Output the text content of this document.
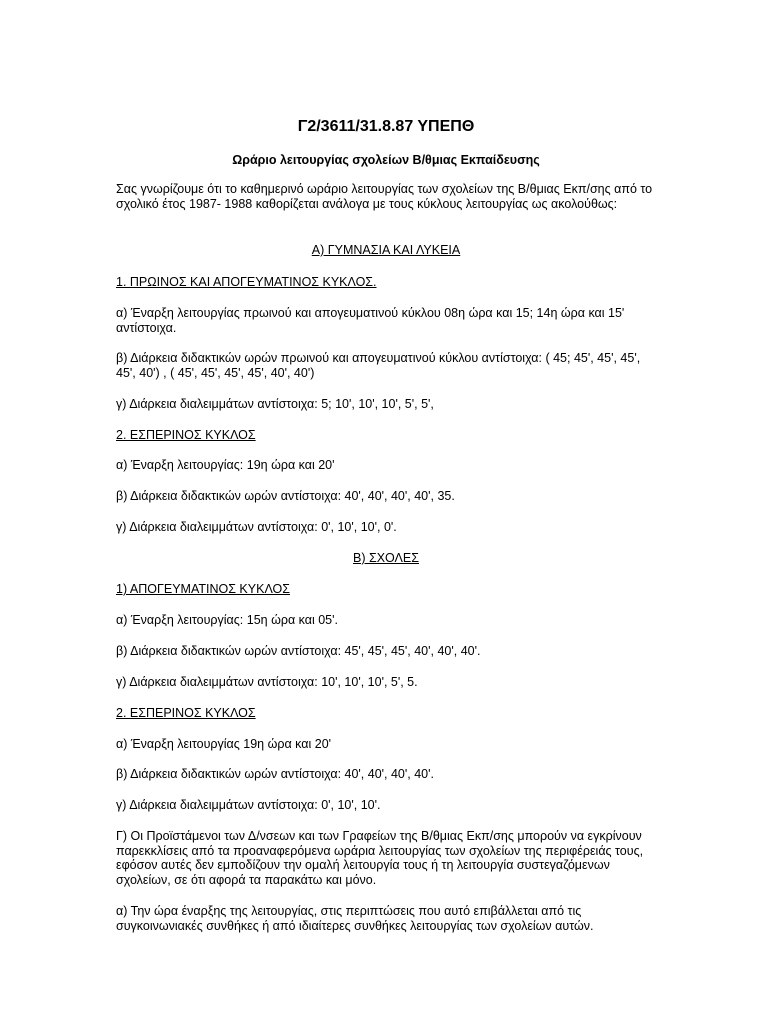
Γ2/3611/31.8.87 ΥΠΕΠΘ
Ωράριο λειτουργίας σχολείων Β/θμιας Εκπαίδευσης

Σας γνωρίζουμε ότι το καθημερινό ωράριο λειτουργίας των σχολείων της Β/θμιας Εκπ/σης από το σχολικό έτος 1987- 1988 καθορίζεται ανάλογα με τους κύκλους λειτουργίας ως ακολούθως:

Α) ΓΥΜΝΑΣΙΑ ΚΑΙ ΛΥΚΕΙΑ

1. ΠΡΩΙΝΟΣ ΚΑΙ ΑΠΟΓΕΥΜΑΤΙΝΟΣ ΚΥΚΛΟΣ.

α) Έναρξη λειτουργίας πρωινού και απογευματινού κύκλου 08η ώρα και 15; 14η ώρα και 15' αντίστοιχα.

β) Διάρκεια διδακτικών ωρών πρωινού και απογευματινού κύκλου αντίστοιχα: ( 45; 45', 45', 45', 45', 40') , ( 45', 45', 45', 45', 40', 40')

γ) Διάρκεια διαλειμμάτων αντίστοιχα: 5; 10', 10', 10', 5', 5',

2. ΕΣΠΕΡΙΝΟΣ ΚΥΚΛΟΣ

α) Έναρξη λειτουργίας: 19η ώρα και 20'

β) Διάρκεια διδακτικών ωρών αντίστοιχα: 40', 40', 40', 40', 35.

γ) Διάρκεια διαλειμμάτων αντίστοιχα: 0', 10', 10', 0'.

Β) ΣΧΟΛΕΣ

1) ΑΠΟΓΕΥΜΑΤΙΝΟΣ ΚΥΚΛΟΣ

α) Έναρξη λειτουργίας: 15η ώρα και 05'.

β) Διάρκεια διδακτικών ωρών αντίστοιχα: 45', 45', 45', 40', 40', 40'.

γ) Διάρκεια διαλειμμάτων αντίστοιχα: 10', 10', 10', 5', 5.

2. ΕΣΠΕΡΙΝΟΣ ΚΥΚΛΟΣ

α) Έναρξη λειτουργίας 19η ώρα και 20'

β) Διάρκεια διδακτικών ωρών αντίστοιχα: 40', 40', 40', 40'.

γ) Διάρκεια διαλειμμάτων αντίστοιχα: 0', 10', 10'.

Γ) Οι Προϊστάμενοι των Δ/νσεων και των Γραφείων της Β/θμιας Εκπ/σης μπορούν να εγκρίνουν παρεκκλίσεις από τα προαναφερόμενα ωράρια λειτουργίας των σχολείων της περιφέρειάς τους, εφόσον αυτές δεν εμποδίζουν την ομαλή λειτουργία τους ή τη λειτουργία συστεγαζόμενων σχολείων, σε ότι αφορά τα παρακάτω και μόνο.

α) Την ώρα έναρξης της λειτουργίας, στις περιπτώσεις που αυτό επιβάλλεται από τις συγκοινωνιακές συνθήκες ή από ιδιαίτερες συνθήκες λειτουργίας των σχολείων αυτών.
